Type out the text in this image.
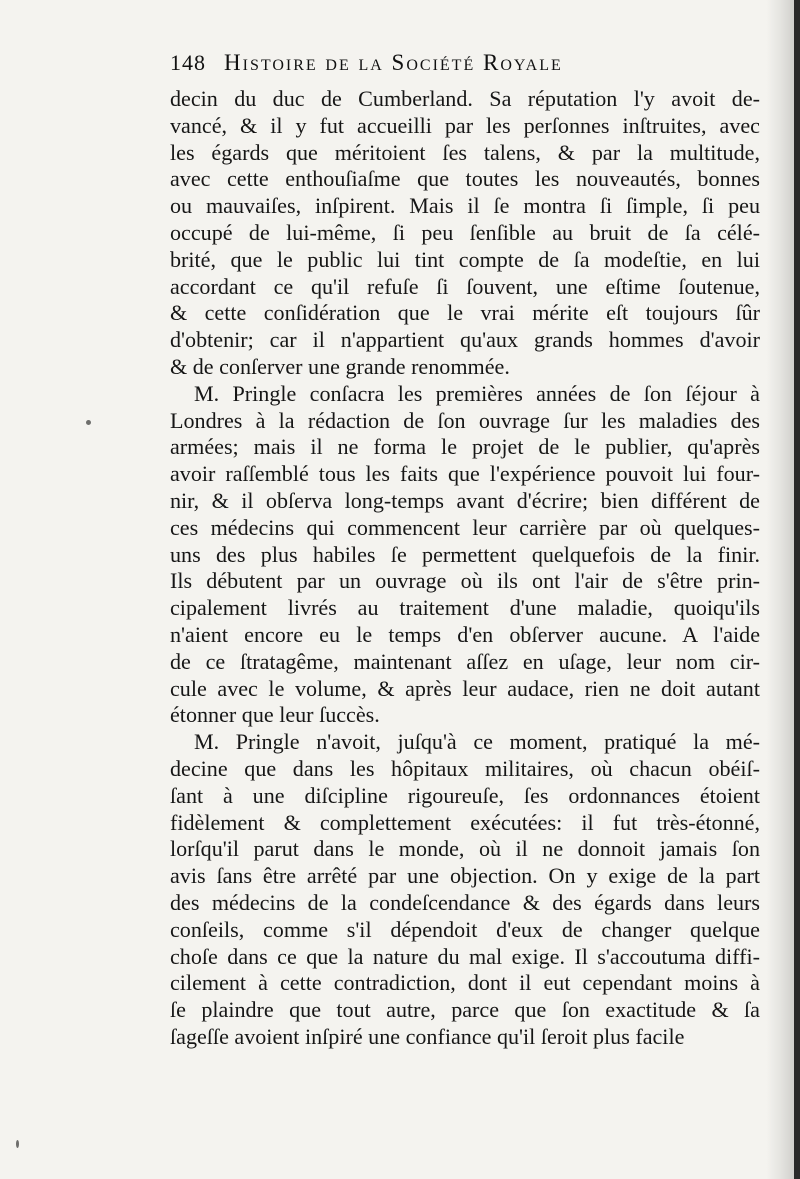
148 Histoire de la Société Royale
decin du duc de Cumberland. Sa réputation l'y avoit de-
vancé, & il y fut accueilli par les perſonnes inſtruites, avec
les égards que méritoient ſes talens, & par la multitude,
avec cette enthouſiaſme que toutes les nouveautés, bonnes
ou mauvaiſes, inſpirent. Mais il ſe montra ſi ſimple, ſi peu
occupé de lui-même, ſi peu ſenſible au bruit de ſa célé-
brité, que le public lui tint compte de ſa modeſtie, en lui
accordant ce qu'il refuſe ſi ſouvent, une eſtime ſoutenue,
& cette conſidération que le vrai mérite eſt toujours ſûr
d'obtenir; car il n'appartient qu'aux grands hommes d'avoir
& de conſerver une grande renommée.
M. Pringle conſacra les premières années de ſon ſéjour à
Londres à la rédaction de ſon ouvrage ſur les maladies des
armées; mais il ne forma le projet de le publier, qu'après
avoir raſſemblé tous les faits que l'expérience pouvoit lui four-
nir, & il obſerva long-temps avant d'écrire; bien différent de
ces médecins qui commencent leur carrière par où quelques-
uns des plus habiles ſe permettent quelquefois de la finir.
Ils débutent par un ouvrage où ils ont l'air de s'être prin-
cipalement livrés au traitement d'une maladie, quoiqu'ils
n'aient encore eu le temps d'en obſerver aucune. A l'aide
de ce ſtratagême, maintenant aſſez en uſage, leur nom cir-
cule avec le volume, & après leur audace, rien ne doit autant
étonner que leur ſuccès.
M. Pringle n'avoit, juſqu'à ce moment, pratiqué la mé-
decine que dans les hôpitaux militaires, où chacun obéiſ-
ſant à une diſcipline rigoureuſe, ſes ordonnances étoient
fidèlement & complettement exécutées: il fut très-étonné,
lorſqu'il parut dans le monde, où il ne donnoit jamais ſon
avis ſans être arrêté par une objection. On y exige de la part
des médecins de la condeſcendance & des égards dans leurs
conſeils, comme s'il dépendoit d'eux de changer quelque
choſe dans ce que la nature du mal exige. Il s'accoutuma diffi-
cilement à cette contradiction, dont il eut cependant moins à
ſe plaindre que tout autre, parce que ſon exactitude & ſa
ſageſſe avoient inſpiré une confiance qu'il ſeroit plus facile
